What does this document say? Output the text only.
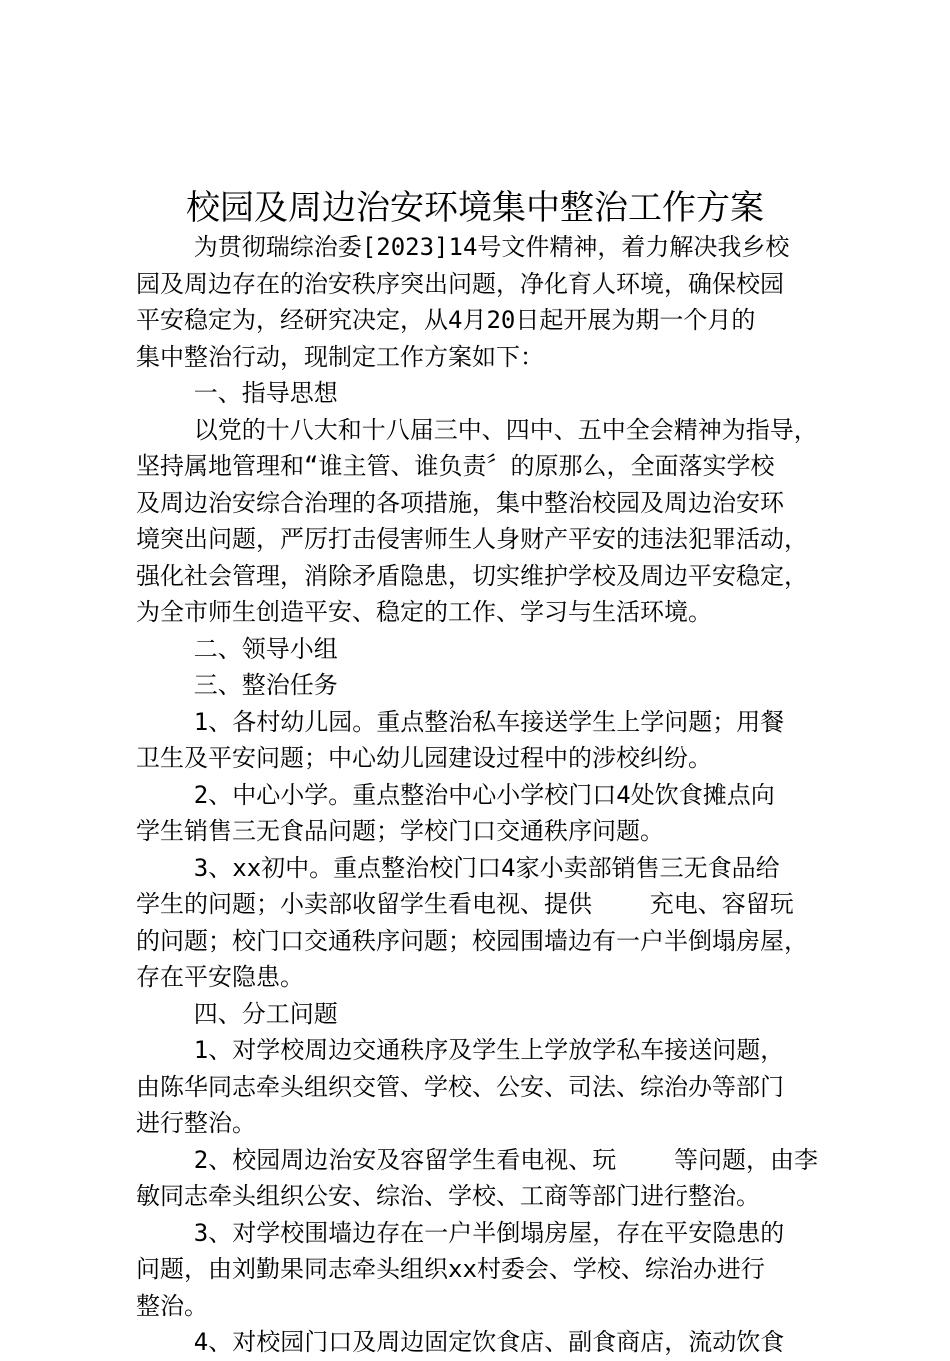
校园及周边治安环境集中整治工作方案
为贯彻瑞综治委[2023]14号文件精神，着力解决我乡校
园及周边存在的治安秩序突出问题，净化育人环境，确保校园
平安稳定为，经研究决定，从4月20日起开展为期一个月的
集中整治行动，现制定工作方案如下：
一、指导思想
以党的十八大和十八届三中、四中、五中全会精神为指导，
坚持属地管理和“谁主管、谁负责〞的原那么，全面落实学校
及周边治安综合治理的各项措施，集中整治校园及周边治安环
境突出问题，严厉打击侵害师生人身财产平安的违法犯罪活动，
强化社会管理，消除矛盾隐患，切实维护学校及周边平安稳定，
为全市师生创造平安、稳定的工作、学习与生活环境。
二、领导小组
三、整治任务
1、各村幼儿园。重点整治私车接送学生上学问题；用餐
卫生及平安问题；中心幼儿园建设过程中的涉校纠纷。
2、中心小学。重点整治中心小学校门口4处饮食摊点向
学生销售三无食品问题；学校门口交通秩序问题。
3、xx初中。重点整治校门口4家小卖部销售三无食品给
学生的问题；小卖部收留学生看电视、提供    充电、容留玩
的问题；校门口交通秩序问题；校园围墙边有一户半倒塌房屋，
存在平安隐患。
四、分工问题
1、对学校周边交通秩序及学生上学放学私车接送问题，
由陈华同志牵头组织交管、学校、公安、司法、综治办等部门
进行整治。
2、校园周边治安及容留学生看电视、玩    等问题，由李
敏同志牵头组织公安、综治、学校、工商等部门进行整治。
3、对学校围墙边存在一户半倒塌房屋，存在平安隐患的
问题，由刘勤果同志牵头组织xx村委会、学校、综治办进行
整治。
4、对校园门口及周边固定饮食店、副食商店，流动饮食
